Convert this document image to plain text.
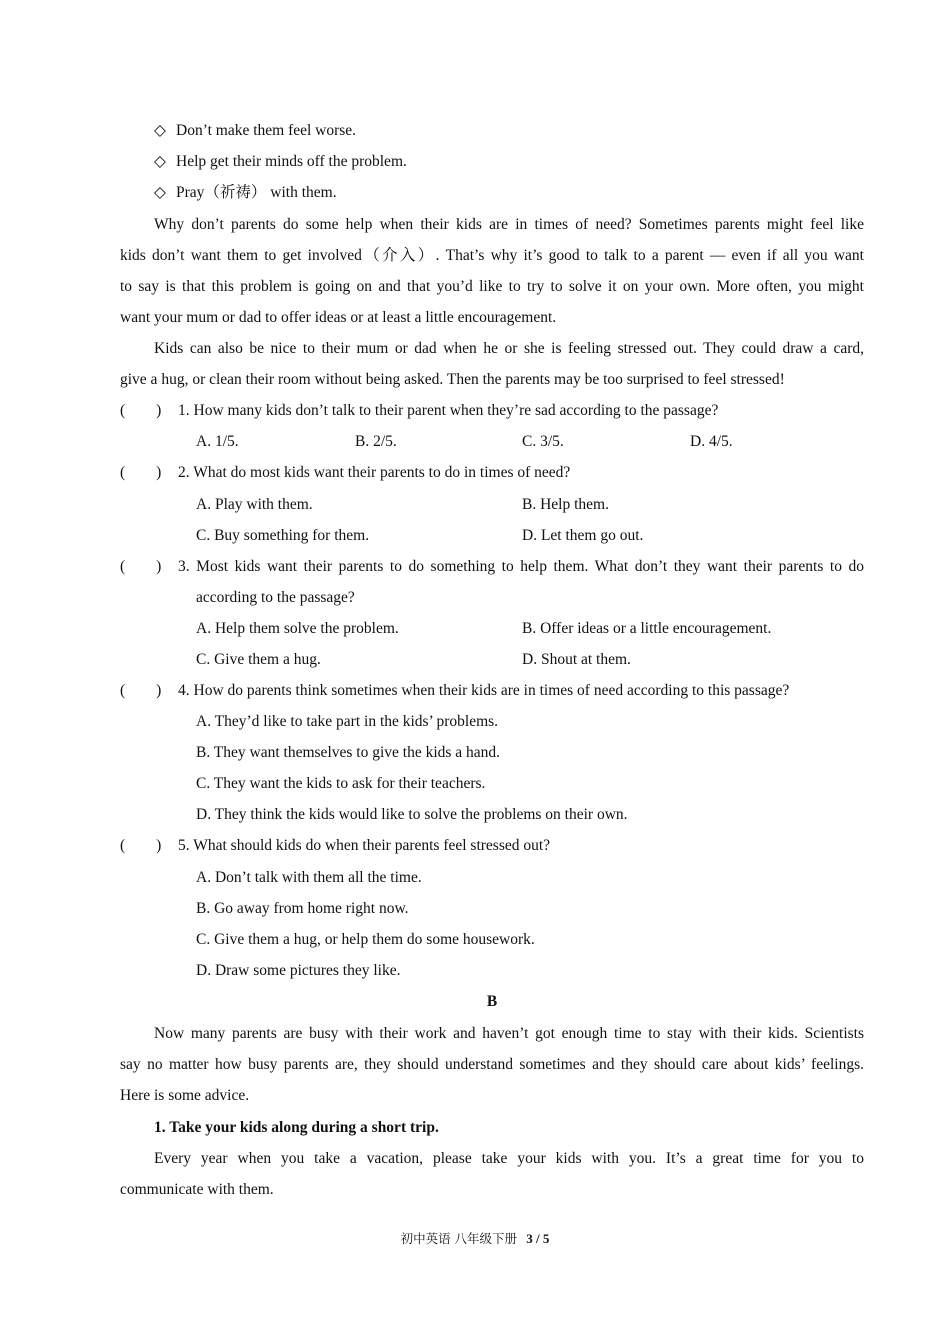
◇ Don’t make them feel worse.
◇ Help get their minds off the problem.
◇ Pray（祈祷） with them.
Why don’t parents do some help when their kids are in times of need? Sometimes parents might feel like
kids don’t want them to get involved（介入）. That’s why it’s good to talk to a parent — even if all you want
to say is that this problem is going on and that you’d like to try to solve it on your own. More often, you might
want your mum or dad to offer ideas or at least a little encouragement.
Kids can also be nice to their mum or dad when he or she is feeling stressed out. They could draw a card,
give a hug, or clean their room without being asked. Then the parents may be too surprised to feel stressed!
(　　) 1. How many kids don’t talk to their parent when they’re sad according to the passage?
A. 1/5.	B. 2/5.	C. 3/5.	D. 4/5.
(　　) 2. What do most kids want their parents to do in times of need?
A. Play with them.	B. Help them.
C. Buy something for them.	D. Let them go out.
(　　) 3. Most kids want their parents to do something to help them. What don’t they want their parents to do
according to the passage?
A. Help them solve the problem.	B. Offer ideas or a little encouragement.
C. Give them a hug.	D. Shout at them.
(　　) 4. How do parents think sometimes when their kids are in times of need according to this passage?
A. They’d like to take part in the kids’ problems.
B. They want themselves to give the kids a hand.
C. They want the kids to ask for their teachers.
D. They think the kids would like to solve the problems on their own.
(　　) 5. What should kids do when their parents feel stressed out?
A. Don’t talk with them all the time.
B. Go away from home right now.
C. Give them a hug, or help them do some housework.
D. Draw some pictures they like.
B
Now many parents are busy with their work and haven’t got enough time to stay with their kids. Scientists
say no matter how busy parents are, they should understand sometimes and they should care about kids’ feelings.
Here is some advice.
1. Take your kids along during a short trip.
Every year when you take a vacation, please take your kids with you. It’s a great time for you to
communicate with them.
初中英语 八年级下册 3 / 5
